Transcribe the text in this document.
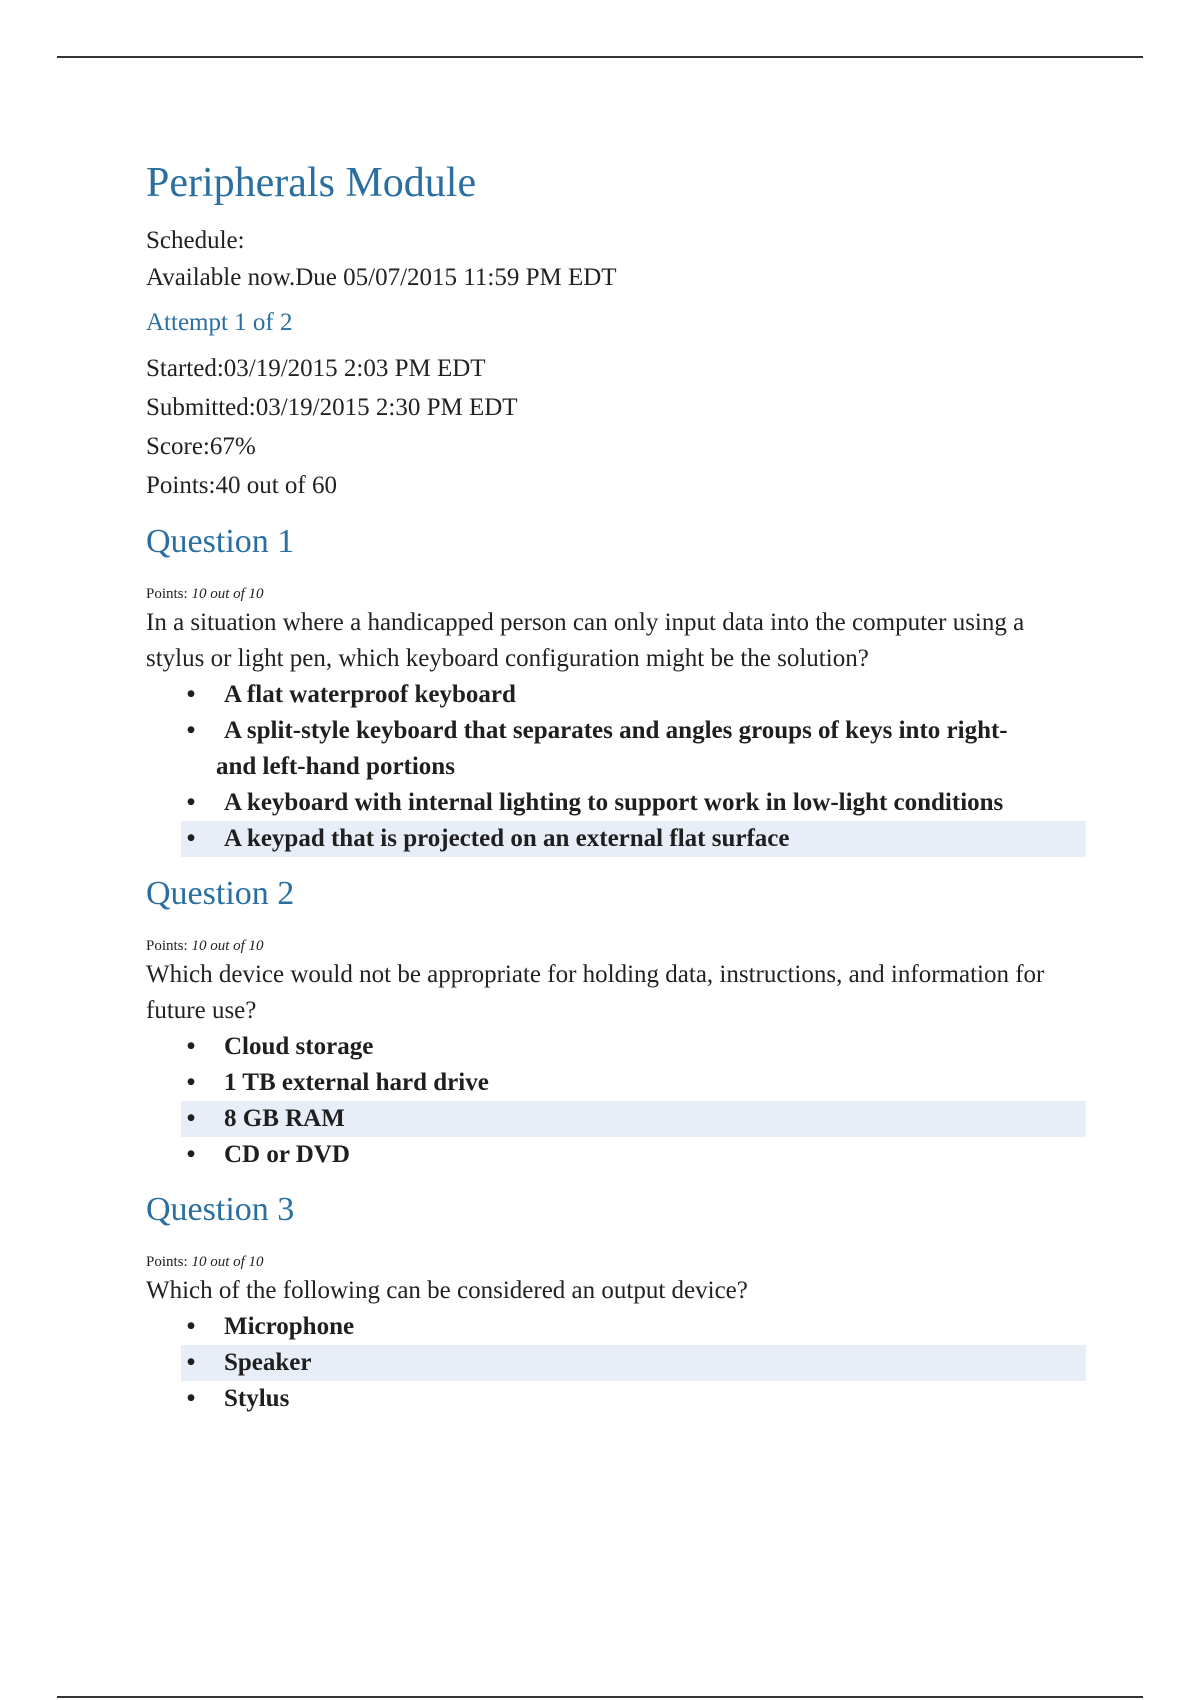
Peripherals Module

Schedule:

Available now.Due 05/07/2015 11:59 PM EDT

Attempt 1 of 2

Started:03/19/2015 2:03 PM EDT

Submitted:03/19/2015 2:30 PM EDT

Score:67%

Points:40 out of 60

Question 1

Points: 10 out of 10

In a situation where a handicapped person can only input data into the computer using a stylus or light pen, which keyboard configuration might be the solution?

• A flat waterproof keyboard
• A split-style keyboard that separates and angles groups of keys into right-
and left-hand portions
• A keyboard with internal lighting to support work in low-light conditions
• A keypad that is projected on an external flat surface
Question 2

Points: 10 out of 10

Which device would not be appropriate for holding data, instructions, and information for future use?

• Cloud storage
• 1 TB external hard drive
• 8 GB RAM
• CD or DVD
Question 3

Points: 10 out of 10

Which of the following can be considered an output device?

• Microphone
• Speaker
• Stylus
